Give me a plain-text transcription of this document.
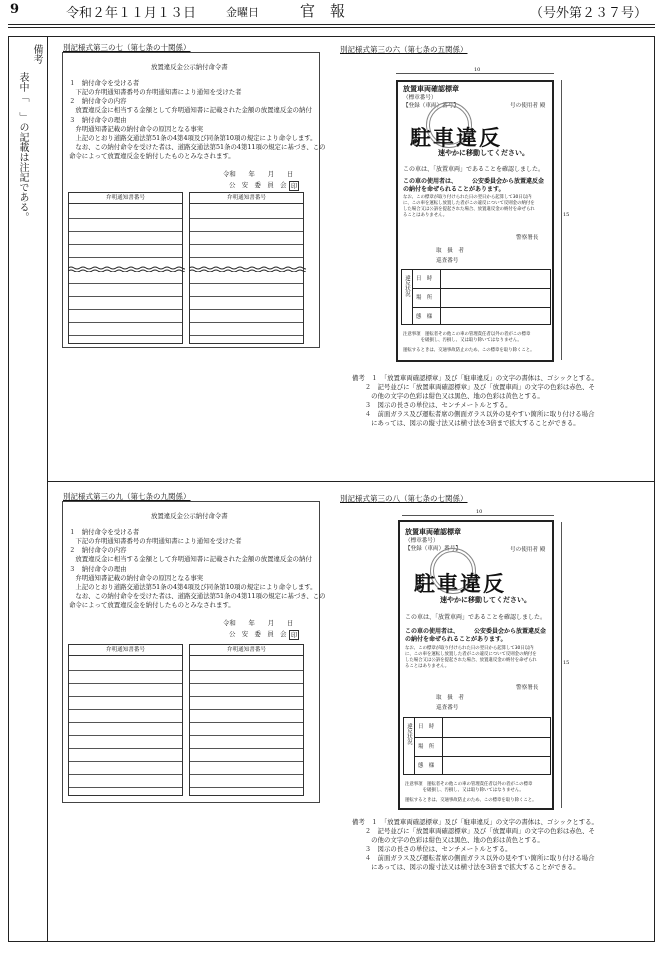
9	令和２年１１月１３日	金曜日	官　報	（号外第２３７号）
備考
表中「　」の記載は注記である。
別記様式第三の七（第七条の十関係）
放置違反金公示納付命令書
１　納付命令を受ける者
　下記の弁明通知書番号の弁明通知書により通知を受けた者
２　納付命令の内容
　放置違反金に相当する金額として弁明通知書に記載された金額の放置違反金の納付
３　納付命令の理由
　弁明通知書記載の納付命令の原因となる事実
　上記のとおり道路交通法第51条の4第4項及び同条第10項の規定により命令します。
　なお、この納付命令を受けた者は、道路交通法第51条の4第11項の規定に基づき、この
命令によって放置違反金を納付したものとみなされます。
令和　　年　　月　　日
公　安　委　員　会 印
弁明通知書番号	弁明通知書番号
別記様式第三の六（第七条の五関係）
10
15
放置車両確認標章
（標章番号）
【登録（車両）番号】	号の使用者 殿
駐車違反
速やかに移動してください。
この車は、「放置車両」であることを確認しました。
この車の使用者は、　　　公安委員会から放置違反金
の納付を命ぜられることがあります。
なお、この標章が取り付けられた日の翌日から起算して30日以内
に、この車を運転し放置した者がこの違反について反則金の納付を
した場合又は公訴を提起された場合、放置違反金の納付を命ぜられ
ることはありません。
警察署長
取　扱　者
巡査番号
違反状況 日　時
場　所
態　様
注意事項　運転者その他この車の管理責任者以外の者がこの標章
　　　　を破損し、汚損し、又は取り除いてはなりません。
運転するときは、交通事故防止のため、この標章を取り除くこと。
備考　１　「放置車両確認標章」及び「駐車違反」の文字の書体は、ゴシックとする。
　　２　記号並びに「放置車両確認標章」及び「放置車両」の文字の色彩は赤色、そ
　　　の他の文字の色彩は紺色又は黒色、地の色彩は黄色とする。
　　３　図示の長さの単位は、センチメートルとする。
　　４　前面ガラス及び運転者席の側面ガラス以外の見やすい箇所に取り付ける場合
　　　にあっては、図示の縦寸法又は横寸法を3倍まで拡大することができる。
別記様式第三の九（第七条の九関係）
放置違反金公示納付命令書
１　納付命令を受ける者
　下記の弁明通知書番号の弁明通知書により通知を受けた者
２　納付命令の内容
　放置違反金に相当する金額として弁明通知書に記載された金額の放置違反金の納付
３　納付命令の理由
　弁明通知書記載の納付命令の原因となる事実
　上記のとおり道路交通法第51条の4第4項及び同条第10項の規定により命令します。
　なお、この納付命令を受けた者は、道路交通法第51条の4第11項の規定に基づき、この
命令によって放置違反金を納付したものとみなされます。
令和　　年　　月　　日
公　安　委　員　会 印
弁明通知書番号	弁明通知書番号
別記様式第三の八（第七条の七関係）
10
15
放置車両確認標章
（標章番号）
【登録（車両）番号】	号の使用者 殿
駐車違反
速やかに移動してください。
この車は、「放置車両」であることを確認しました。
この車の使用者は、　　　公安委員会から放置違反金
の納付を命ぜられることがあります。
なお、この標章が取り付けられた日の翌日から起算して30日以内
に、この車を運転し放置した者がこの違反について反則金の納付を
した場合又は公訴を提起された場合、放置違反金の納付を命ぜられ
ることはありません。
警察署長
取　扱　者
巡査番号
違反状況 日　時
場　所
態　様
注意事項　運転者その他この車の管理責任者以外の者がこの標章
　　　　を破損し、汚損し、又は取り除いてはなりません。
運転するときは、交通事故防止のため、この標章を取り除くこと。
備考　１　「放置車両確認標章」及び「駐車違反」の文字の書体は、ゴシックとする。
　　２　記号並びに「放置車両確認標章」及び「放置車両」の文字の色彩は赤色、そ
　　　の他の文字の色彩は紺色又は黒色、地の色彩は黄色とする。
　　３　図示の長さの単位は、センチメートルとする。
　　４　前面ガラス及び運転者席の側面ガラス以外の見やすい箇所に取り付ける場合
　　　にあっては、図示の縦寸法又は横寸法を3倍まで拡大することができる。
